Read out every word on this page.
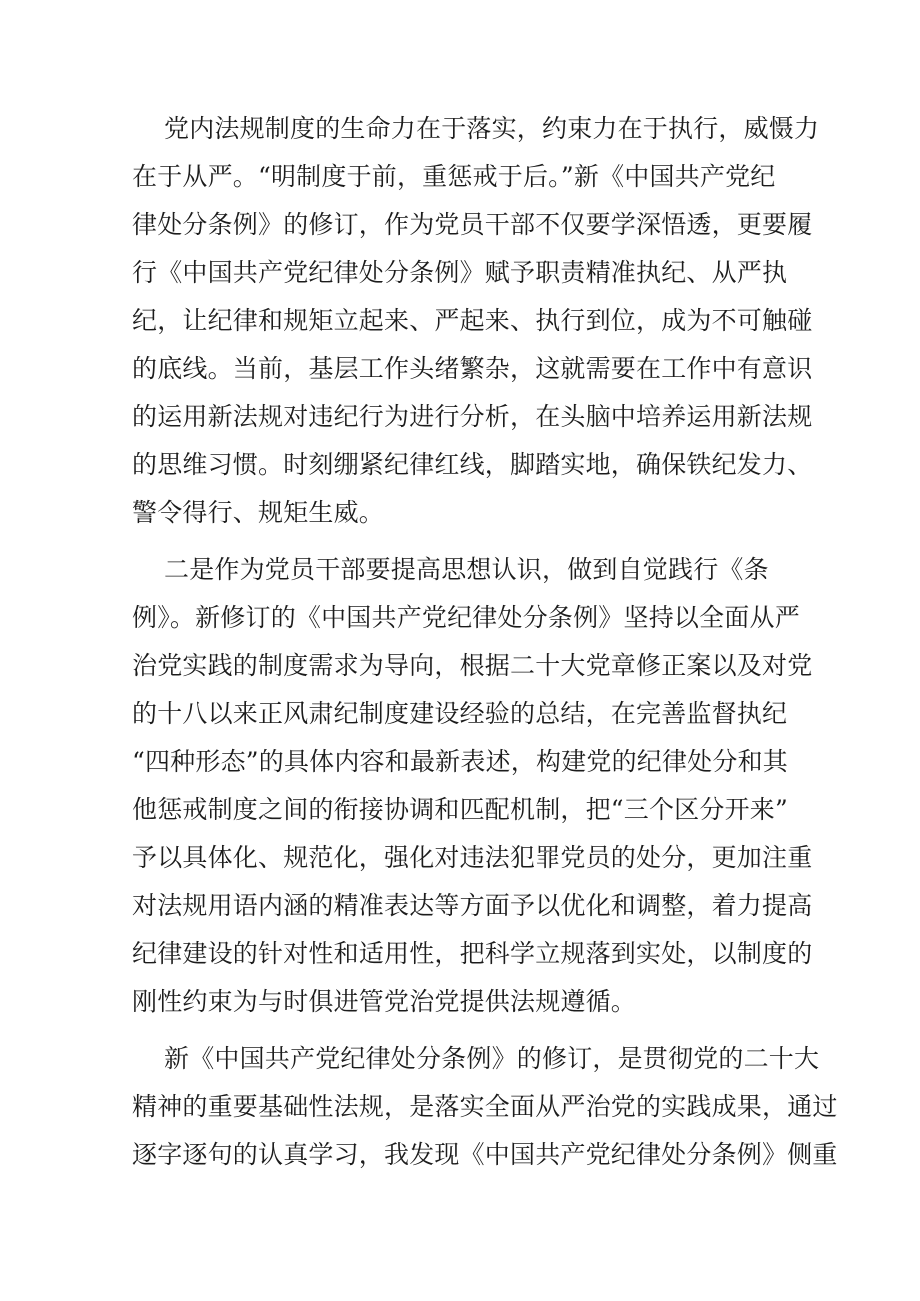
党内法规制度的生命力在于落实，约束力在于执行，威慑力
在于从严。“明制度于前，重惩戒于后。”新《中国共产党纪
律处分条例》的修订，作为党员干部不仅要学深悟透，更要履
行《中国共产党纪律处分条例》赋予职责精准执纪、从严执
纪，让纪律和规矩立起来、严起来、执行到位，成为不可触碰
的底线。当前，基层工作头绪繁杂，这就需要在工作中有意识
的运用新法规对违纪行为进行分析，在头脑中培养运用新法规
的思维习惯。时刻绷紧纪律红线，脚踏实地，确保铁纪发力、
警令得行、规矩生威。
二是作为党员干部要提高思想认识，做到自觉践行《条
例》。新修订的《中国共产党纪律处分条例》坚持以全面从严
治党实践的制度需求为导向，根据二十大党章修正案以及对党
的十八以来正风肃纪制度建设经验的总结，在完善监督执纪
“四种形态”的具体内容和最新表述，构建党的纪律处分和其
他惩戒制度之间的衔接协调和匹配机制，把“三个区分开来”
予以具体化、规范化，强化对违法犯罪党员的处分，更加注重
对法规用语内涵的精准表达等方面予以优化和调整，着力提高
纪律建设的针对性和适用性，把科学立规落到实处，以制度的
刚性约束为与时俱进管党治党提供法规遵循。
新《中国共产党纪律处分条例》的修订，是贯彻党的二十大
精神的重要基础性法规，是落实全面从严治党的实践成果，通过
逐字逐句的认真学习，我发现《中国共产党纪律处分条例》侧重
